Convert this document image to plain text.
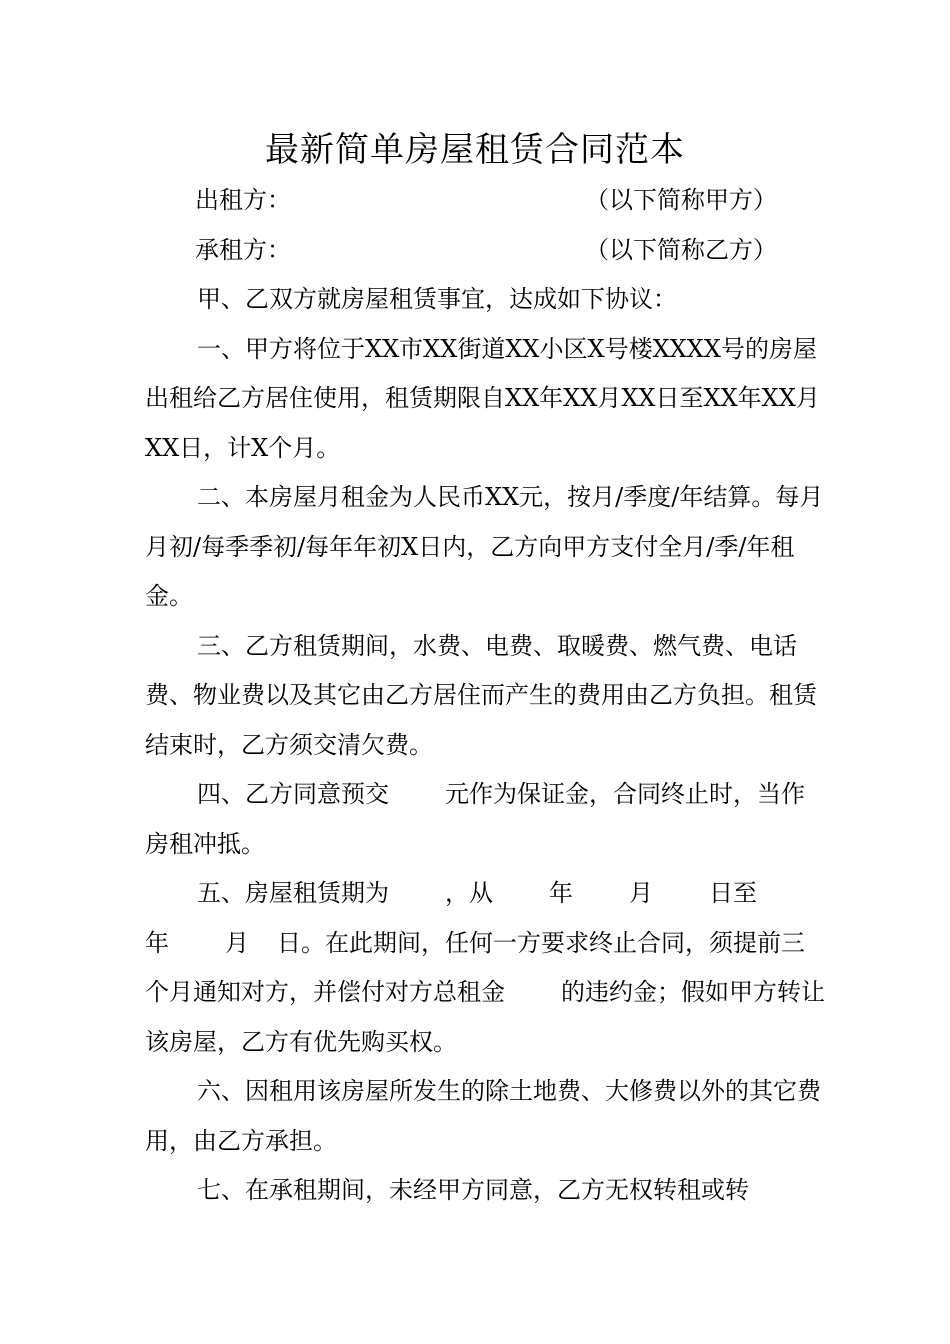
最新简单房屋租赁合同范本
出租方：	（以下简称甲方）
承租方：	（以下简称乙方）

甲、乙双方就房屋租赁事宜，达成如下协议：

一、甲方将位于XX市XX街道XX小区X号楼XXXX号的房屋出租给乙方居住使用，租赁期限自XX年XX月XX日至XX年XX月XX日，计X个月。

二、本房屋月租金为人民币XX元，按月/季度/年结算。每月月初/每季季初/每年年初X日内，乙方向甲方支付全月/季/年租金。

三、乙方租赁期间，水费、电费、取暖费、燃气费、电话费、物业费以及其它由乙方居住而产生的费用由乙方负担。租赁结束时，乙方须交清欠费。

四、乙方同意预交 元作为保证金，合同终止时，当作房租冲抵。

五、房屋租赁期为 ，从 年 月 日至年 月 日。在此期间，任何一方要求终止合同，须提前三个月通知对方，并偿付对方总租金 的违约金；假如甲方转让该房屋，乙方有优先购买权。

六、因租用该房屋所发生的除土地费、大修费以外的其它费用，由乙方承担。

七、在承租期间，未经甲方同意，乙方无权转租或转
